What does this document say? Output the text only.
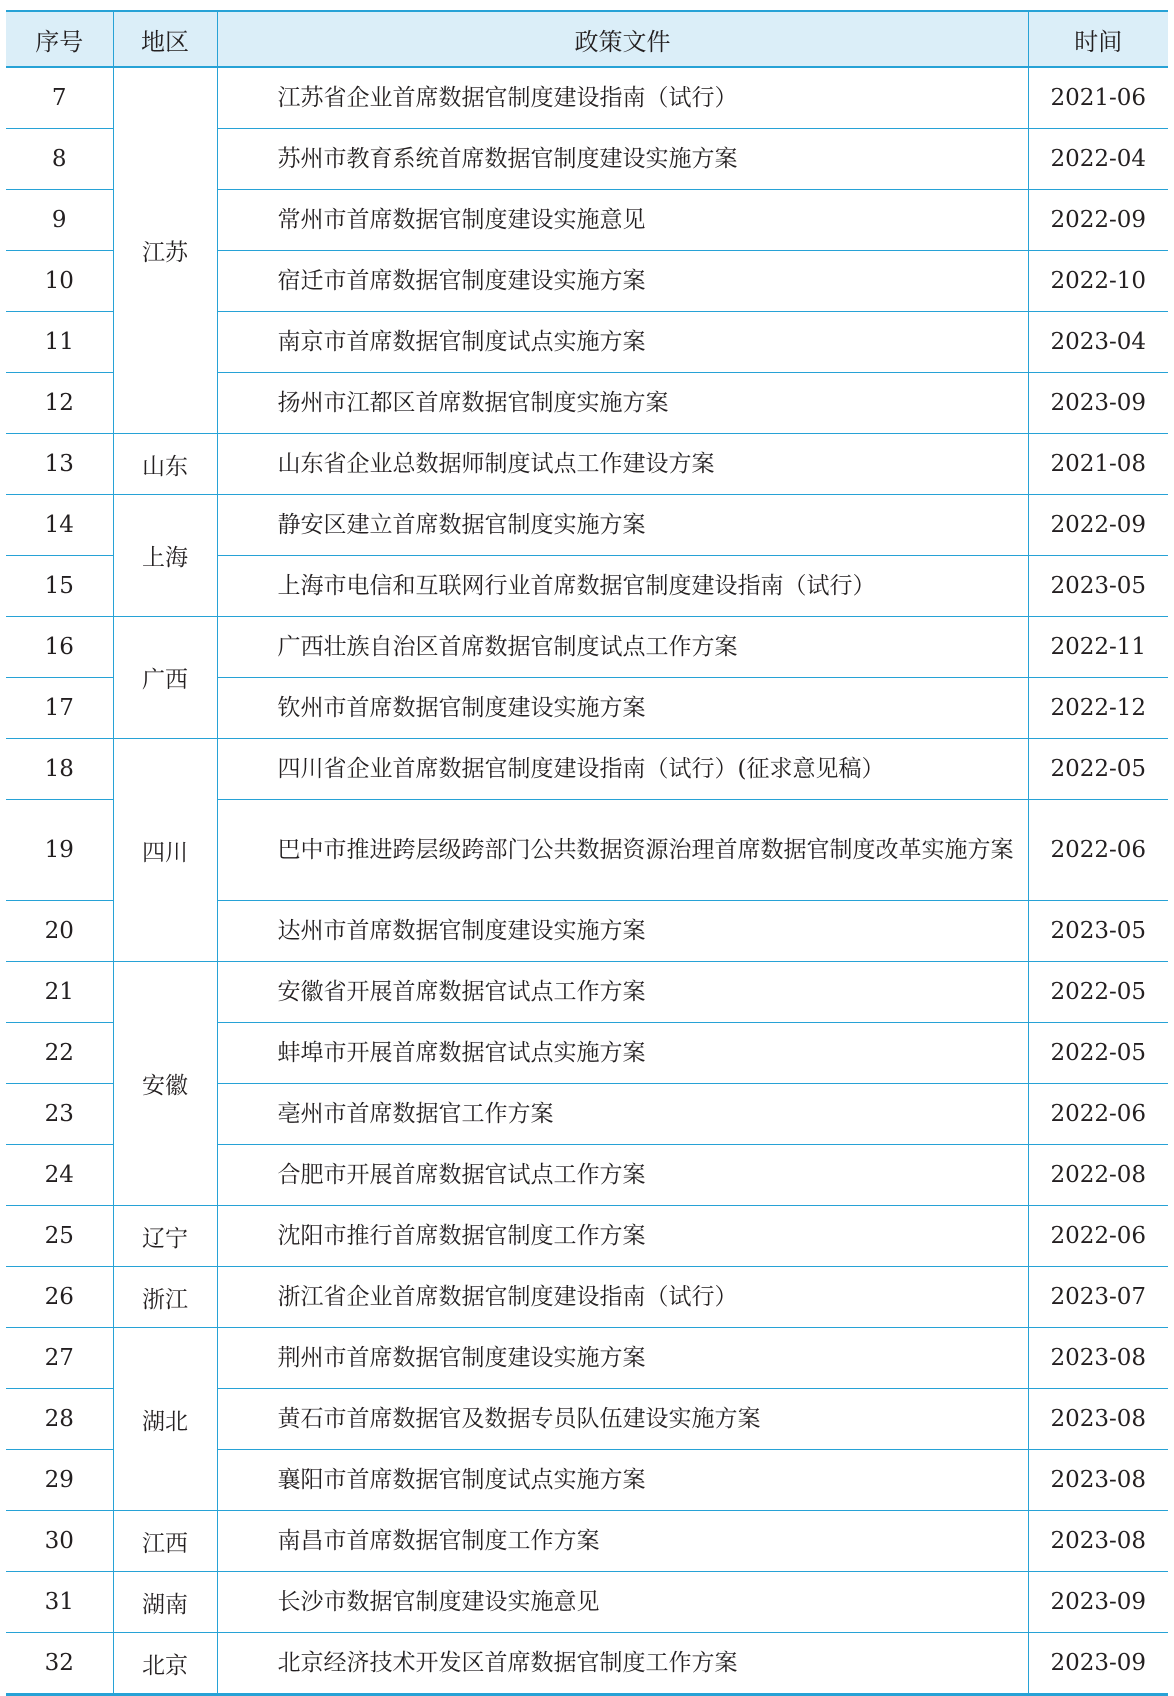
序号	地区	政策文件	时间
7	江苏	江苏省企业首席数据官制度建设指南（试行）	2021-06
8		苏州市教育系统首席数据官制度建设实施方案	2022-04
9		常州市首席数据官制度建设实施意见	2022-09
10		宿迁市首席数据官制度建设实施方案	2022-10
11		南京市首席数据官制度试点实施方案	2023-04
12		扬州市江都区首席数据官制度实施方案	2023-09
13	山东	山东省企业总数据师制度试点工作建设方案	2021-08
14	上海	静安区建立首席数据官制度实施方案	2022-09
15		上海市电信和互联网行业首席数据官制度建设指南（试行）	2023-05
16	广西	广西壮族自治区首席数据官制度试点工作方案	2022-11
17		钦州市首席数据官制度建设实施方案	2022-12
18	四川	四川省企业首席数据官制度建设指南（试行）(征求意见稿）	2022-05
19		巴中市推进跨层级跨部门公共数据资源治理首席数据官制度改革实施方案	2022-06
20		达州市首席数据官制度建设实施方案	2023-05
21	安徽	安徽省开展首席数据官试点工作方案	2022-05
22		蚌埠市开展首席数据官试点实施方案	2022-05
23		亳州市首席数据官工作方案	2022-06
24		合肥市开展首席数据官试点工作方案	2022-08
25	辽宁	沈阳市推行首席数据官制度工作方案	2022-06
26	浙江	浙江省企业首席数据官制度建设指南（试行）	2023-07
27	湖北	荆州市首席数据官制度建设实施方案	2023-08
28		黄石市首席数据官及数据专员队伍建设实施方案	2023-08
29		襄阳市首席数据官制度试点实施方案	2023-08
30	江西	南昌市首席数据官制度工作方案	2023-08
31	湖南	长沙市数据官制度建设实施意见	2023-09
32	北京	北京经济技术开发区首席数据官制度工作方案	2023-09
